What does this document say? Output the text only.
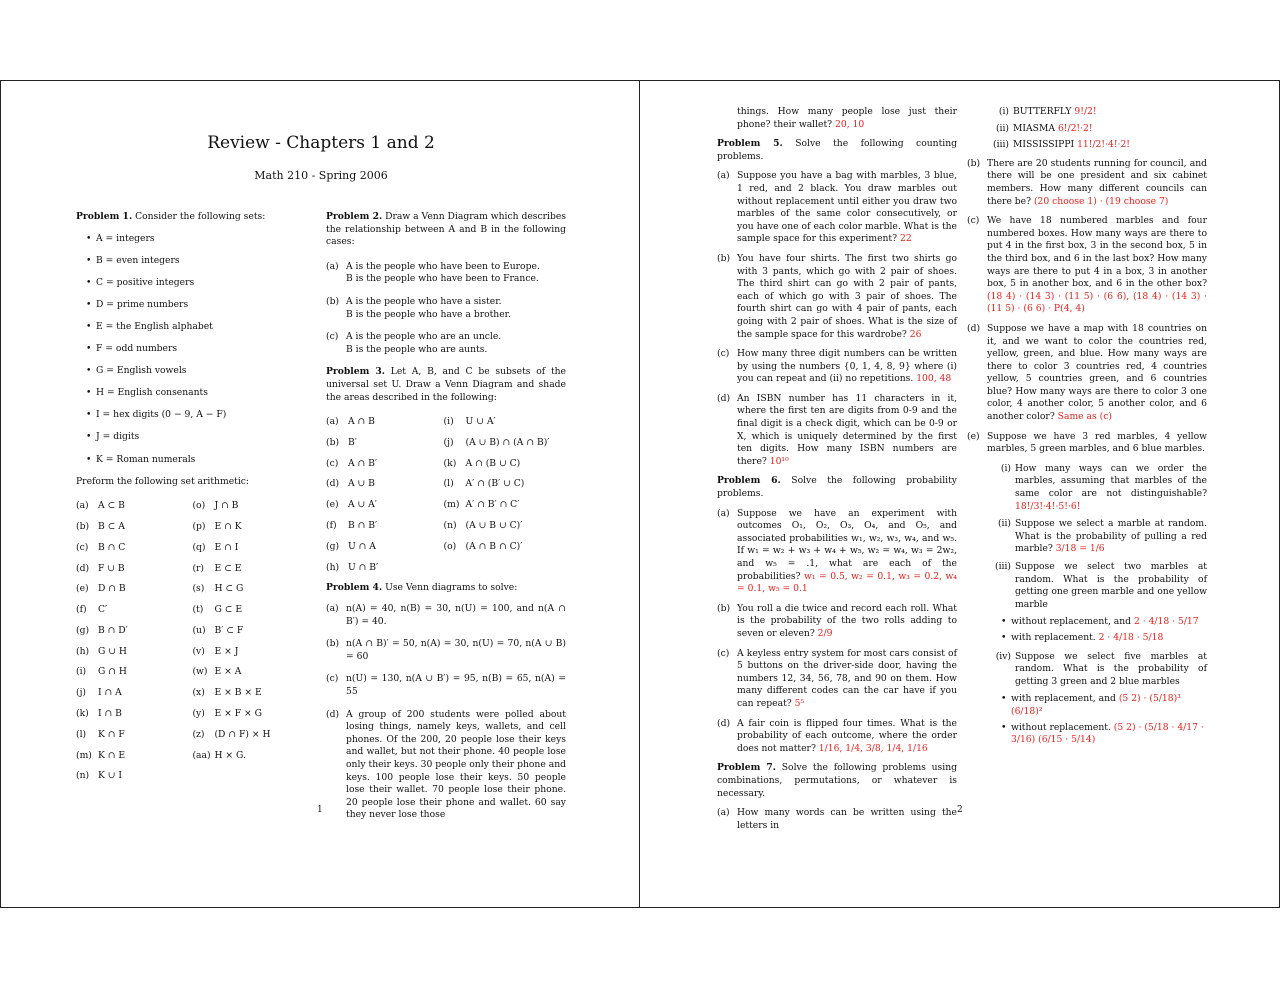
Review - Chapters 1 and 2
Math 210 - Spring 2006

Problem 1. Consider the following sets:

• A = integers
• B = even integers
• C = positive integers
• D = prime numbers
• E = the English alphabet
• F = odd numbers
• G = English vowels
• H = English consenants
• I = hex digits (0 − 9, A − F)
• J = digits
• K = Roman numerals

Preform the following set arithmetic:

(a)	A ⊂ B
(b) B ⊂ A
(c)	B ∩ C
(d) F ∪ B
(e)	D ∩ B
(f)	C′
(g) B ∩ D′
(h) G ∪ H
(i)	G ∩ H
(j)	I ∩ A
(k)	I ∩ B
(l)	K ∩ F
(m) K ∩ E
(n) K ∪ I
(o)	J ∩ B
(p) E ∩ K
(q) E ∩ I
(r)	E ⊂ E
(s)	H ⊂ G
(t)	G ⊂ E
(u) B′ ⊂ F
(v)	E × J
(w) E × A
(x)	E × B × E
(y)	E × F × G
(z)	(D ∩ F) × H
(aa) H × G.

Problem 2. Draw a Venn Diagram which describes the relationship between A and B in the following cases:

(a) A is the people who have been to Europe.
B is the people who have been to France.
(b) A is the people who have a sister.
B is the people who have a brother.
(c) A is the people who are an uncle.
B is the people who are aunts.

Problem 3. Let A, B, and C be subsets of the universal set U. Draw a Venn Diagram and shade the areas described in the following:

(a)	A ∩ B
(b) B′
(c)	A ∩ B′
(d) A ∪ B
(e)	A ∪ A′
(f)	B ∩ B′
(g) U ∩ A
(h) U ∩ B′
(i)	U ∪ A′
(j)	(A ∪ B) ∩ (A ∩ B)′
(k)	A ∩ (B ∪ C)
(l)	A′ ∩ (B′ ∪ C)
(m) A′ ∩ B′ ∩ C′
(n) (A ∪ B ∪ C)′
(o)	(A ∩ B ∩ C)′

Problem 4. Use Venn diagrams to solve:

(a) n(A) = 40, n(B) = 30, n(U) = 100, and n(A ∩ B′) = 40.
(b) n(A ∩ B)′ = 50, n(A) = 30, n(U) = 70, n(A ∪ B) = 60
(c) n(U) = 130, n(A ∪ B′) = 95, n(B) = 65, n(A) = 55
(d) A group of 200 students were polled about losing things, namely keys, wallets, and cell phones. Of the 200, 20 people lose their keys and wallet, but not their phone. 40 people lose only their keys. 30 people only their phone and keys. 100 people lose their keys. 50 people lose their wallet. 70 people lose their phone. 20 people lose their phone and wallet. 60 say they never lose those
1

things. How many people lose just their phone? their wallet? 20, 10

Problem 5. Solve the following counting problems.

(a) Suppose you have a bag with marbles, 3 blue, 1 red, and 2 black. You draw marbles out without replacement until either you draw two marbles of the same color consecutively, or you have one of each color marble. What is the sample space for this experiment? 22
(b) You have four shirts. The first two shirts go with 3 pants, which go with 2 pair of shoes. The third shirt can go with 2 pair of pants, each of which go with 3 pair of shoes. The fourth shirt can go with 4 pair of pants, each going with 2 pair of shoes. What is the size of the sample space for this wardrobe? 26
(c) How many three digit numbers can be written by using the numbers {0, 1, 4, 8, 9} where (i) you can repeat and (ii) no repetitions. 100, 48
(d) An ISBN number has 11 characters in it, where the first ten are digits from 0-9 and the final digit is a check digit, which can be 0-9 or X, which is uniquely determined by the first ten digits. How many ISBN numbers are there? 10¹⁰

Problem 6. Solve the following probability problems.

(a) Suppose we have an experiment with outcomes O₁, O₂, O₃, O₄, and O₅, and associated probabilities w₁, w₂, w₃, w₄, and w₅. If w₁ = w₂ + w₃ + w₄ + w₅, w₂ = w₄, w₃ = 2w₂, and w₅ = .1, what are each of the probabilities? w₁ = 0.5, w₂ = 0.1, w₃ = 0.2, w₄ = 0.1, w₅ = 0.1
(b) You roll a die twice and record each roll. What is the probability of the two rolls adding to seven or eleven? 2/9
(c) A keyless entry system for most cars consist of 5 buttons on the driver-side door, having the numbers 12, 34, 56, 78, and 90 on them. How many different codes can the car have if you can repeat? 5⁵
(d) A fair coin is flipped four times. What is the probability of each outcome, where the order does not matter? 1/16, 1/4, 3/8, 1/4, 1/16

Problem 7. Solve the following problems using combinations, permutations, or whatever is necessary.

(a) How many words can be written using the letters in
(i) BUTTERFLY 9!/2!
(ii) MIASMA 6!/2!·2!
(iii) MISSISSIPPI 11!/2!·4!·2!
(b) There are 20 students running for council, and there will be one president and six cabinet members. How many different councils can there be? (20 choose 1) · (19 choose 7)
(c) We have 18 numbered marbles and four numbered boxes. How many ways are there to put 4 in the first box, 3 in the second box, 5 in the third box, and 6 in the last box? How many ways are there to put 4 in a box, 3 in another box, 5 in another box, and 6 in the other box? (18 4) · (14 3) · (11 5) · (6 6), (18 4) · (14 3) · (11 5) · (6 6) · P(4, 4)
(d) Suppose we have a map with 18 countries on it, and we want to color the countries red, yellow, green, and blue. How many ways are there to color 3 countries red, 4 countries yellow, 5 countries green, and 6 countries blue? How many ways are there to color 3 one color, 4 another color, 5 another color, and 6 another color? Same as (c)
(e) Suppose we have 3 red marbles, 4 yellow marbles, 5 green marbles, and 6 blue marbles.
(i) How many ways can we order the marbles, assuming that marbles of the same color are not distinguishable? 18!/3!·4!·5!·6!
(ii) Suppose we select a marble at random. What is the probability of pulling a red marble? 3/18 = 1/6
(iii) Suppose we select two marbles at random. What is the probability of getting one green marble and one yellow marble
• without replacement, and 2 · 4/18 · 5/17
• with replacement. 2 · 4/18 · 5/18
(iv) Suppose we select five marbles at random. What is the probability of getting 3 green and 2 blue marbles
• with replacement, and (5 2) · (5/18)³ (6/18)²
• without replacement. (5 2) · (5/18 · 4/17 · 3/16) (6/15 · 5/14)
2
